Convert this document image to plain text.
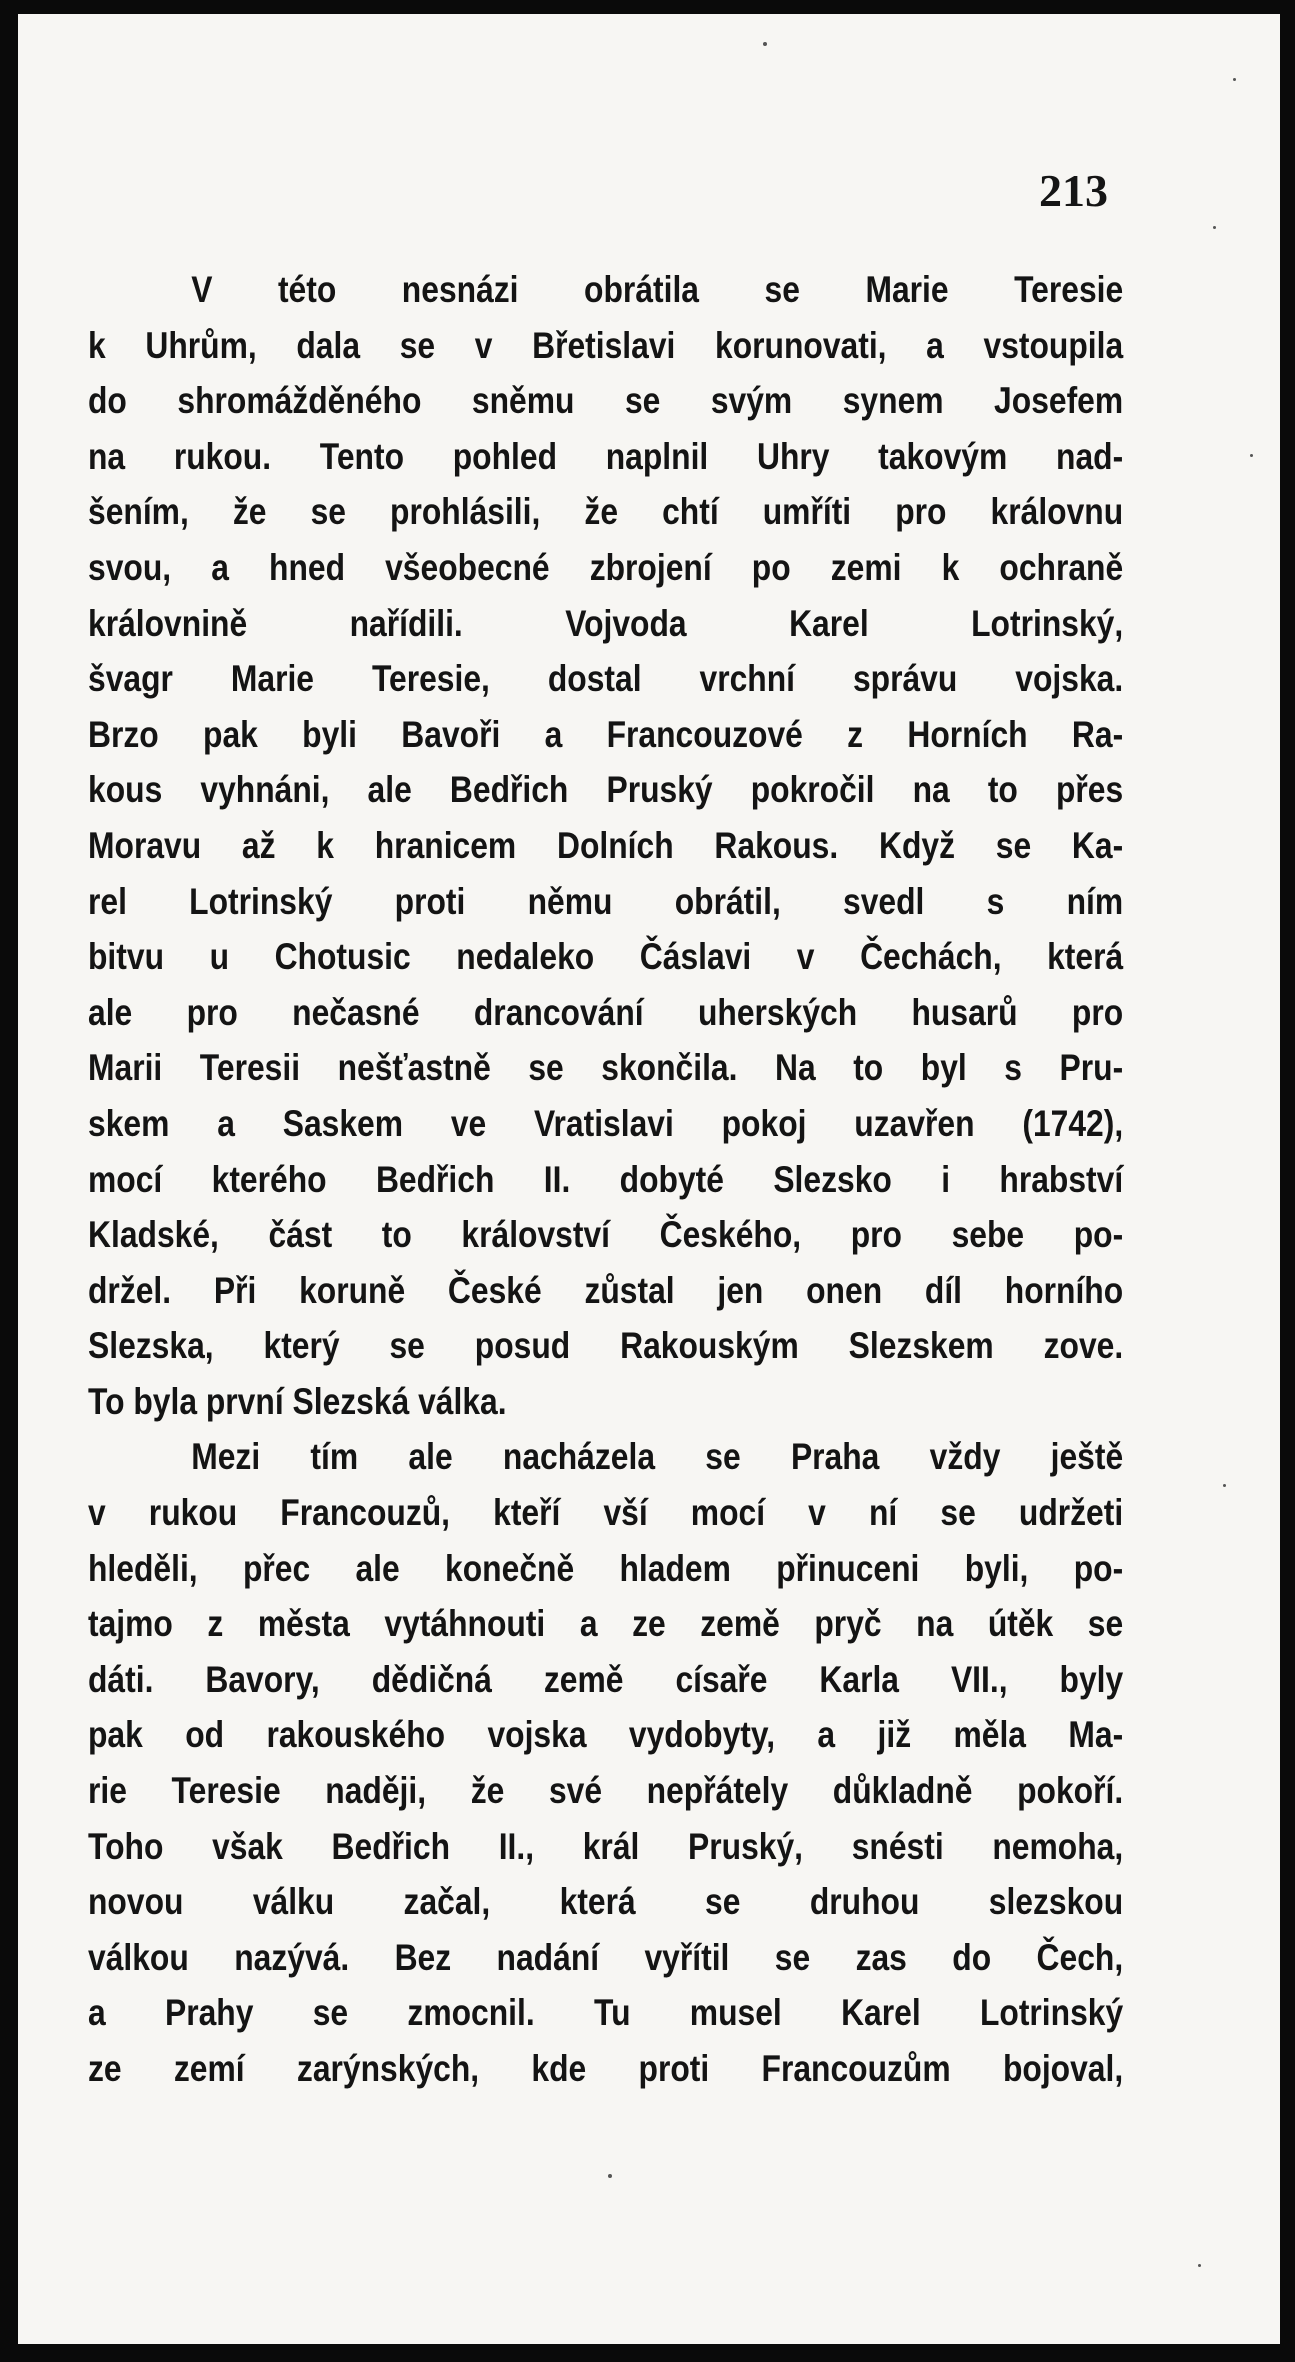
213
V této nesnázi obrátila se Marie Teresie
k Uhrům, dala se v Břetislavi korunovati, a vstoupila
do shromážděného sněmu se svým synem Josefem
na rukou. Tento pohled naplnil Uhry takovým nad-
šením, že se prohlásili, že chtí umříti pro královnu
svou, a hned všeobecné zbrojení po zemi k ochraně
královnině nařídili. Vojvoda Karel Lotrinský,
švagr Marie Teresie, dostal vrchní správu vojska.
Brzo pak byli Bavoři a Francouzové z Horních Ra-
kous vyhnáni, ale Bedřich Pruský pokročil na to přes
Moravu až k hranicem Dolních Rakous. Když se Ka-
rel Lotrinský proti němu obrátil, svedl s ním
bitvu u Chotusic nedaleko Čáslavi v Čechách, která
ale pro nečasné drancování uherských husarů pro
Marii Teresii nešťastně se skončila. Na to byl s Pru-
skem a Saskem ve Vratislavi pokoj uzavřen (1742),
mocí kterého Bedřich II. dobyté Slezsko i hrabství
Kladské, část to království Českého, pro sebe po-
držel. Při koruně České zůstal jen onen díl horního
Slezska, který se posud Rakouským Slezskem zove.
To byla první Slezská válka.
Mezi tím ale nacházela se Praha vždy ještě
v rukou Francouzů, kteří vší mocí v ní se udržeti
hleděli, přec ale konečně hladem přinuceni byli, po-
tajmo z města vytáhnouti a ze země pryč na útěk se
dáti. Bavory, dědičná země císaře Karla VII., byly
pak od rakouského vojska vydobyty, a již měla Ma-
rie Teresie naději, že své nepřátely důkladně pokoří.
Toho však Bedřich II., král Pruský, snésti nemoha,
novou válku začal, která se druhou slezskou
válkou nazývá. Bez nadání vyřítil se zas do Čech,
a Prahy se zmocnil. Tu musel Karel Lotrinský
ze zemí zarýnských, kde proti Francouzům bojoval,
